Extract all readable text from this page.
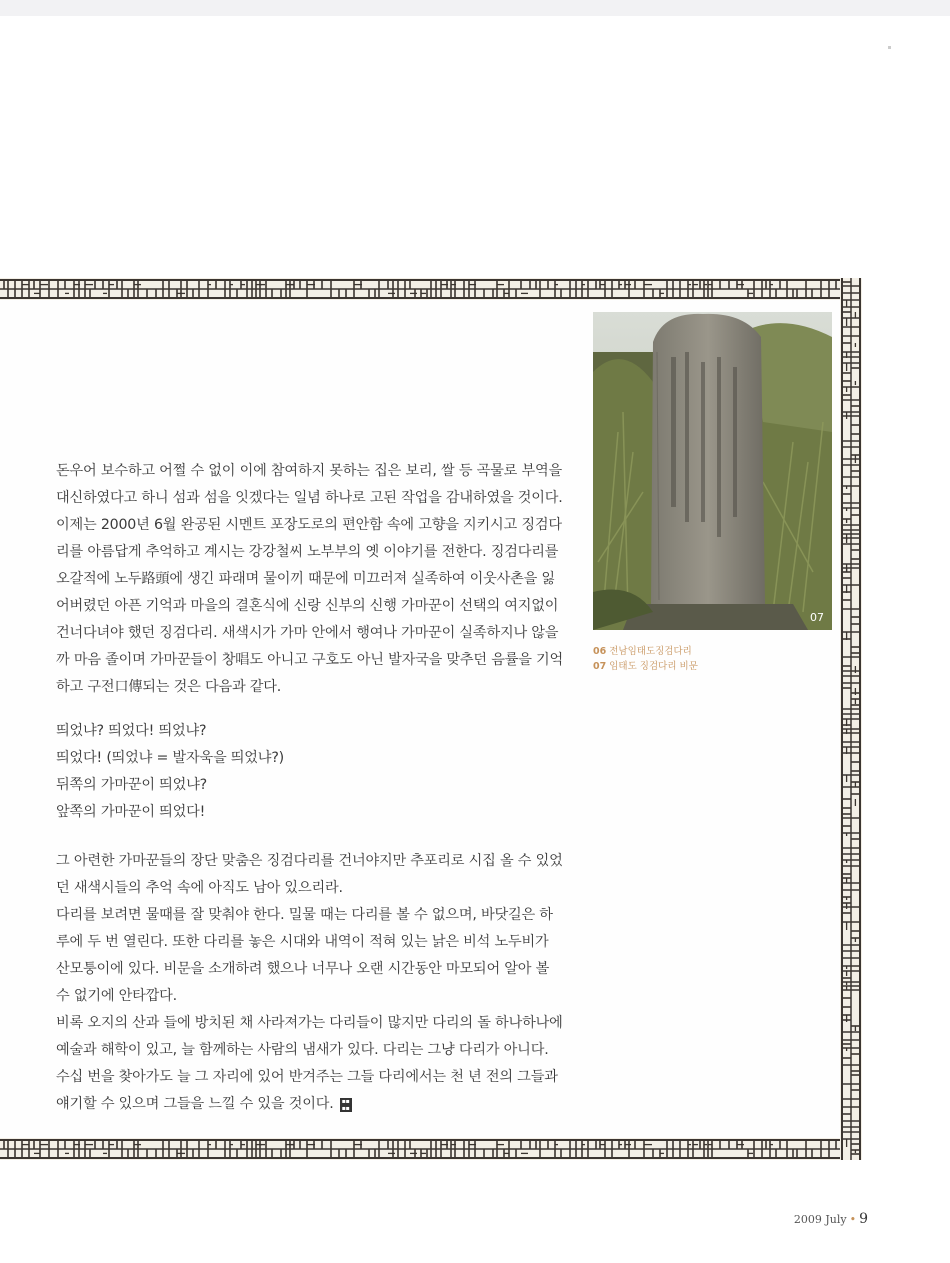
돈우어 보수하고 어쩔 수 없이 이에 참여하지 못하는 집은 보리, 쌀 등 곡물로 부역을 대신하였다고 하니 섬과 섬을 잇겠다는 일념 하나로 고된 작업을 감내하였을 것이다. 이제는 2000년 6월 완공된 시멘트 포장도로의 편안함 속에 고향을 지키시고 징검다리를 아름답게 추억하고 계시는 강강철씨 노부부의 옛 이야기를 전한다. 징검다리를 오갈적에 노두路頭에 생긴 파래며 물이끼 때문에 미끄러져 실족하여 이웃사촌을 잃어버렸던 아픈 기억과 마을의 결혼식에 신랑 신부의 신행 가마꾼이 선택의 여지없이 건너다녀야 했던 징검다리. 새색시가 가마 안에서 행여나 가마꾼이 실족하지나 않을까 마음 졸이며 가마꾼들이 창唱도 아니고 구호도 아닌 발자국을 맞추던 음률을 기억하고 구전口傳되는 것은 다음과 같다.

띄었냐? 띄었다! 띄었냐?

띄었다! (띄었냐 = 발자욱을 띄었냐?)

뒤쪽의 가마꾼이 띄었냐?

앞쪽의 가마꾼이 띄었다!

그 아련한 가마꾼들의 장단 맞춤은 징검다리를 건너야지만 추포리로 시집 올 수 있었던 새색시들의 추억 속에 아직도 남아 있으리라.

다리를 보려면 물때를 잘 맞춰야 한다. 밀물 때는 다리를 볼 수 없으며, 바닷길은 하루에 두 번 열린다. 또한 다리를 놓은 시대와 내역이 적혀 있는 낡은 비석 노두비가 산모퉁이에 있다. 비문을 소개하려 했으나 너무나 오랜 시간동안 마모되어 알아 볼 수 없기에 안타깝다.

비록 오지의 산과 들에 방치된 채 사라져가는 다리들이 많지만 다리의 돌 하나하나에 예술과 해학이 있고, 늘 함께하는 사람의 냄새가 있다. 다리는 그냥 다리가 아니다. 수십 번을 찾아가도 늘 그 자리에 있어 반겨주는 그들 다리에서는 천 년 전의 그들과 얘기할 수 있으며 그들을 느낄 수 있을 것이다. ▪▪
▪▪

07
06 전남임태도징검다리
07 임태도 징검다리 비문
2009 July • 9
